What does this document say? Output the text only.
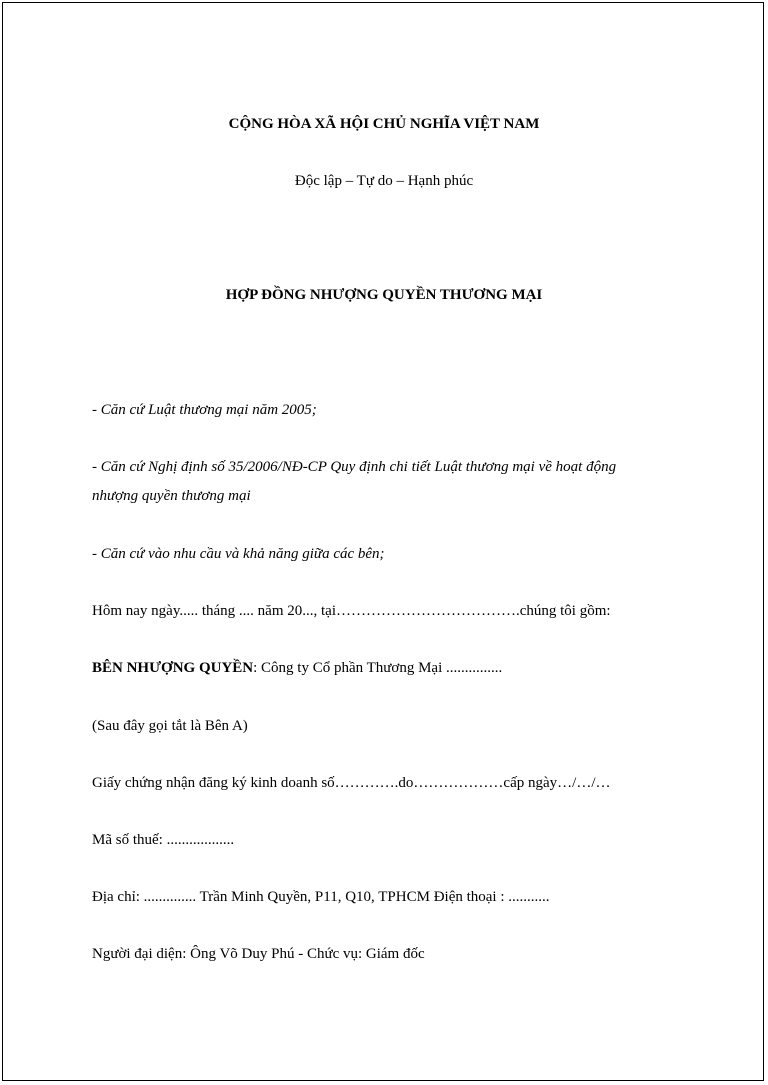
CỘNG HÒA XÃ HỘI CHỦ NGHĨA VIỆT NAM
Độc lập – Tự do – Hạnh phúc
HỢP ĐỒNG NHƯỢNG QUYỀN THƯƠNG MẠI
- Căn cứ Luật thương mại năm 2005;
- Căn cứ Nghị định số 35/2006/NĐ-CP Quy định chi tiết Luật thương mại về hoạt động
nhượng quyền thương mại
- Căn cứ vào nhu cầu và khả năng giữa các bên;
Hôm nay ngày..... tháng .... năm 20..., tại……………………………….chúng tôi gồm:
BÊN NHƯỢNG QUYỀN: Công ty Cổ phần Thương Mại ...............
(Sau đây gọi tắt là Bên A)
Giấy chứng nhận đăng ký kinh doanh số………….do………………cấp ngày…/…/…
Mã số thuế: ..................
Địa chỉ: .............. Trần Minh Quyền, P11, Q10, TPHCM Điện thoại : ...........
Người đại diện: Ông Võ Duy Phú - Chức vụ: Giám đốc
